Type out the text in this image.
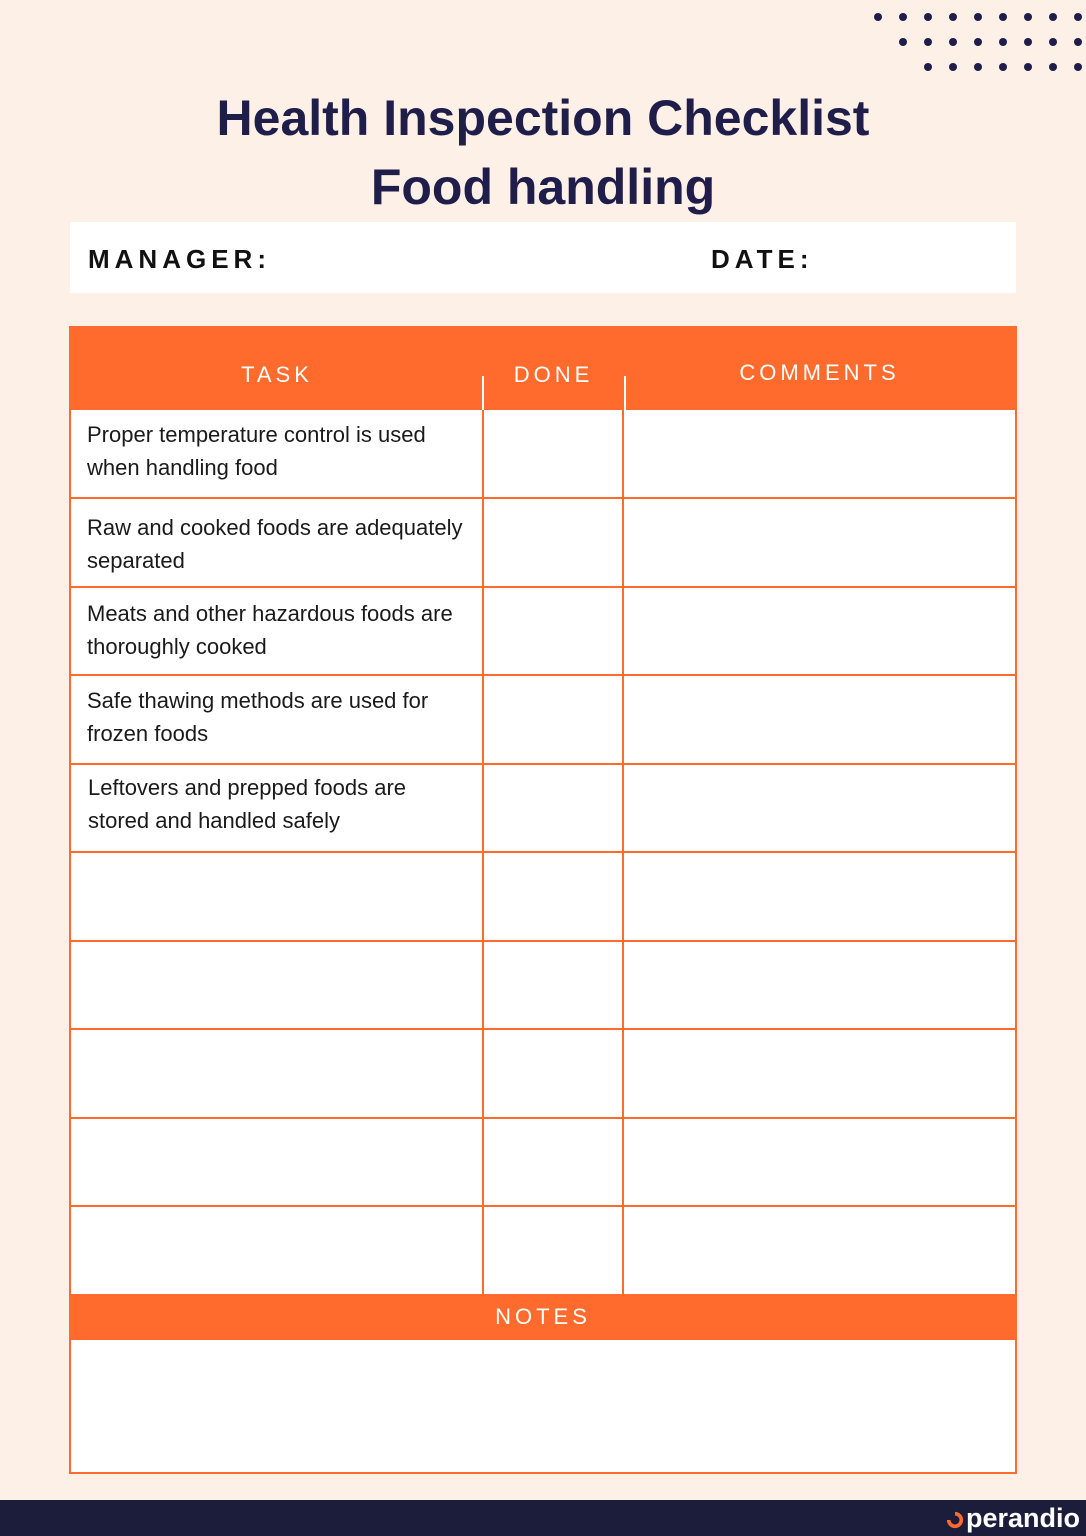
Health Inspection Checklist
Food handling
MANAGER:	DATE:
TASK	DONE	COMMENTS
Proper temperature control is used when handling food
Raw and cooked foods are adequately separated
Meats and other hazardous foods are thoroughly cooked
Safe thawing methods are used for frozen foods
Leftovers and prepped foods are stored and handled safely
NOTES
perandio
